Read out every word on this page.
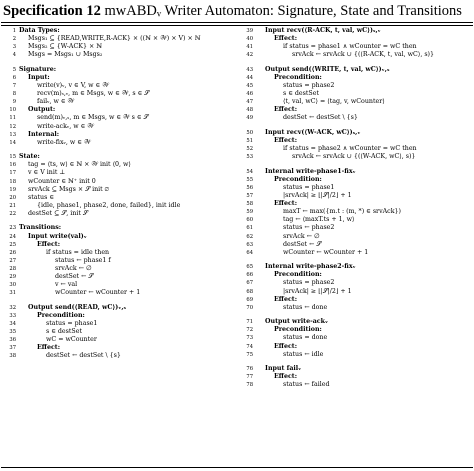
Specification 12 mwABDᵥ Writer Automaton: Signature, State and Transitions
1 Data Types:
2 Msgs₁ ⊆ {READ,WRITE,R-ACK} × ((ℕ × 𝒲) × V) × ℕ
3 Msgs₂ ⊆ {W-ACK} × ℕ
4 Msgs = Msgs₁ ∪ Msgs₂
5 Signature:
6 Input:
7	write(v)ᵥ, v ∈ V, w ∈ 𝒲
8	recv(m)ₛ,ᵥ, m ∈ Msgs, w ∈ 𝒲, s ∈ 𝒮
9	failᵥ, w ∈ 𝒲
10 Output:
11	send(m)ᵥ,ₛ, m ∈ Msgs, w ∈ 𝒲 s ∈ 𝒮
12	write-ackᵥ, w ∈ 𝒲
13 Internal:
14	write-fixᵥ, w ∈ 𝒲
15 State:
16 tag = ⟨ts, w⟩ ∈ ℕ × 𝒲 init ⟨0, w⟩
17 v ∈ V init ⊥
18 wCounter ∈ ℕ⁺ init 0
19 srvAck ⊆ Msgs × 𝒮 init ∅
20 status ∈
21	{idle, phase1, phase2, done, failed}, init idle
22 destSet ⊆ 𝒮, init 𝒮
23 Transitions:
24 Input write(val)ᵥ
25	Effect:
26	if status = idle then
27	status ← phase1 f
28	srvAck ← ∅
29	destSet ← 𝒮
30	v ← val
31	wCounter ← wCounter + 1
32 Output send(⟨READ, wC⟩)ᵥ,ₛ
33	Precondition:
34	status = phase1
35	s ∈ destSet
36	wC = wCounter
37	Effect:
38	destSet ← destSet \ {s}
39 Input recv(⟨R-ACK, t, val, wC⟩)ₛ,ᵥ
40	Effect:
41	if status = phase1 ∧ wCounter = wC then
42	srvAck ← srvAck ∪ {(⟨R-ACK, t, val, wC⟩, s)}
43 Output send(⟨WRITE, t, val, wC⟩)ᵥ,ₛ
44	Precondition:
45	status = phase2
46	s ∈ destSet
47	⟨t, val, wC⟩ = ⟨tag, v, wCounter⟩
48	Effect:
49	destSet ← destSet \ {s}
50 Input recv(⟨W-ACK, wC⟩)ₛ,ᵥ
51	Effect:
52	if status = phase2 ∧ wCounter = wC then
53	srvAck ← srvAck ∪ {(⟨W-ACK, wC⟩, s)}
54 Internal write-phase1-fixᵥ
55	Precondition:
56	status = phase1
57	|srvAck| ≥ ⌊|𝒮|/2⌋ + 1
58	Effect:
59	maxT ← max({m.t : (m, *) ∈ srvAck})
60	tag ← ⟨maxT.ts + 1, w⟩
61	status ← phase2
62	srvAck ← ∅
63	destSet ← 𝒮
64	wCounter ← wCounter + 1
65 Internal write-phase2-fixᵥ
66	Precondition:
67	status = phase2
68	|srvAck| ≥ ⌊|𝒮|/2⌋ + 1
69	Effect:
70	status ← done
71 Output write-ackᵥ
72	Precondition:
73	status = done
74	Effect:
75	status ← idle
76 Input failᵥ
77	Effect:
78	status ← failed
